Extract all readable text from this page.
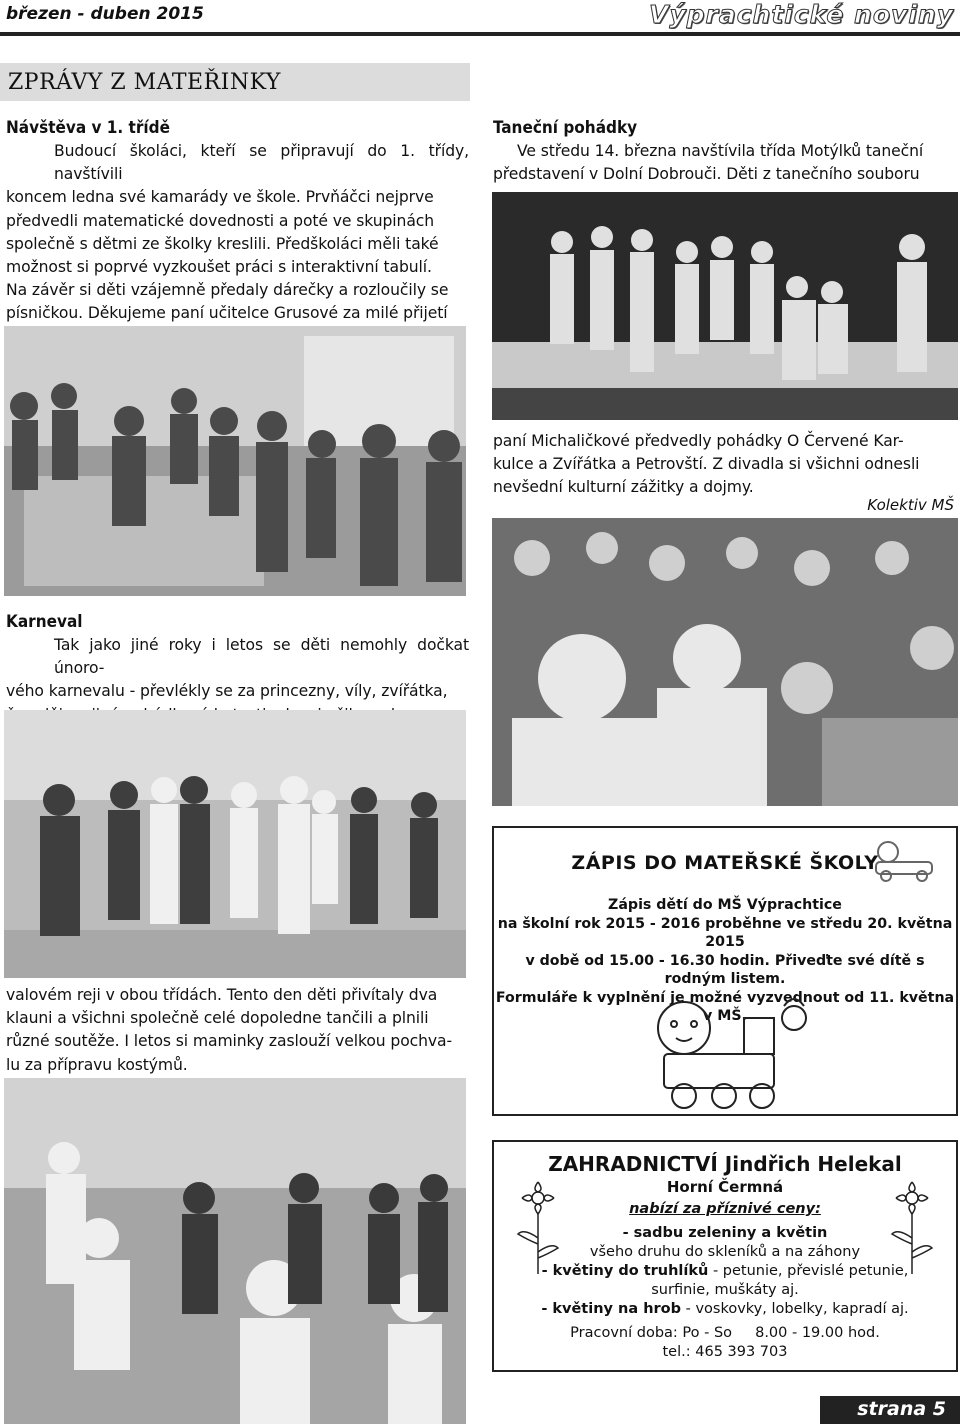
březen - duben 2015	Výprachtické noviny
ZPRÁVY Z MATEŘINKY
Návštěva v 1. třídě
Budoucí školáci, kteří se připravují do 1. třídy, navštívili
koncem ledna své kamarády ve škole. Prvňáčci nejprve
předvedli matematické dovednosti a poté ve skupinách
společně s dětmi ze školky kreslili. Předškoláci měli také
možnost si poprvé vyzkoušet práci s interaktivní tabulí.
Na závěr si děti vzájemně předaly dárečky a rozloučily se
písničkou. Děkujeme paní učitelce Grusové za milé přijetí
Taneční pohádky
Ve středu 14. března navštívila třída Motýlků taneční
představení v Dolní Dobrouči. Děti z tanečního souboru
paní Michaličkové předvedly pohádky O Červené Kar-
kulce a Zvířátka a Petrovští. Z divadla si všichni odnesli
nevšední kulturní zážitky a dojmy.
Kolektiv MŠ
Karneval
Tak jako jiné roky i letos se děti nemohly dočkat únoro-
vého karnevalu - převlékly se za princezny, víly, zvířátka,
valovém reji v obou třídách. Tento den děti přivítaly dva
klauni a všichni společně celé dopoledne tančili a plnili
různé soutěže. I letos si maminky zaslouží velkou pochva-
lu za přípravu kostýmů.
ZÁPIS DO MATEŘSKÉ ŠKOLY
Zápis dětí do MŠ Výprachtice
na školní rok 2015 - 2016 proběhne ve středu 20. května 2015
v době od 15.00 - 16.30 hodin. Přiveďte své dítě s rodným listem.
Formuláře k vyplnění je možné vyzvednout od 11. května v MŠ.
ZAHRADNICTVÍ Jindřich Helekal
Horní Čermná
nabízí za příznivé ceny:
- sadbu zeleniny a květin
všeho druhu do skleníků a na záhony
- květiny do truhlíků - petunie, převislé petunie,
surfinie, muškáty aj.
- květiny na hrob - voskovky, lobelky, kapradí aj.
Pracovní doba: Po - So     8.00 - 19.00 hod.
tel.: 465 393 703
strana 5
